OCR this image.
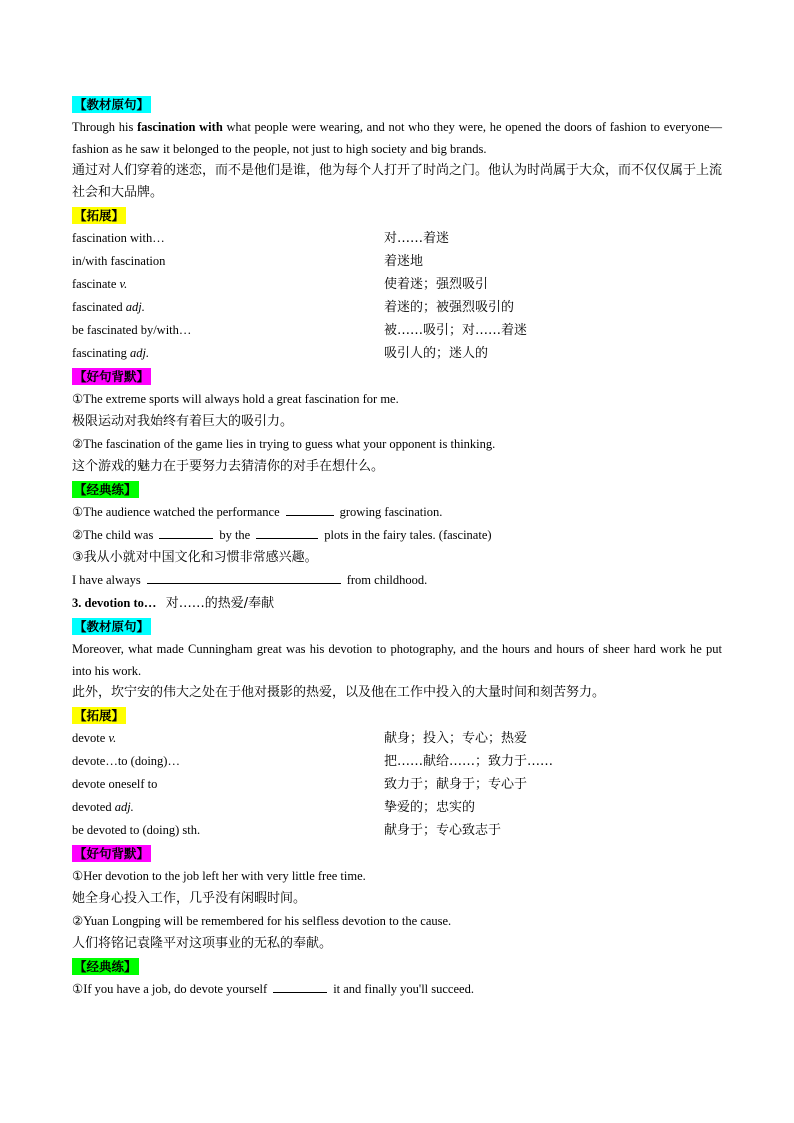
【教材原句】
Through his fascination with what people were wearing, and not who they were, he opened the doors of fashion to everyone—fashion as he saw it belonged to the people, not just to high society and big brands.
通过对人们穿着的迷恋，而不是他们是谁，他为每个人打开了时尚之门。他认为时尚属于大众，而不仅仅属于上流社会和大品牌。
【拓展】
fascination with…	对……着迷
in/with fascination	着迷地
fascinate v.	使着迷；强烈吸引
fascinated adj.	着迷的；被强烈吸引的
be fascinated by/with…	被……吸引；对……着迷
fascinating adj.	吸引人的；迷人的
【好句背默】
①The extreme sports will always hold a great fascination for me.
极限运动对我始终有着巨大的吸引力。
②The fascination of the game lies in trying to guess what your opponent is thinking.
这个游戏的魅力在于要努力去猜清你的对手在想什么。
【经典练】
①The audience watched the performance	growing fascination.
②The child was	by the	plots in the fairy tales. (fascinate)
③我从小就对中国文化和习惯非常感兴趣。
I have always	from childhood.
3. devotion to… 对……的热爱/奉献
【教材原句】
Moreover, what made Cunningham great was his devotion to photography, and the hours and hours of sheer hard work he put into his work.
此外，坎宁安的伟大之处在于他对摄影的热爱，以及他在工作中投入的大量时间和刻苦努力。
【拓展】
devote v.	献身；投入；专心；热爱
devote…to (doing)…	把……献给……；致力于……
devote oneself to	致力于；献身于；专心于
devoted adj.	挚爱的；忠实的
be devoted to (doing) sth.	献身于；专心致志于
【好句背默】
①Her devotion to the job left her with very little free time.
她全身心投入工作，几乎没有闲暇时间。
②Yuan Longping will be remembered for his selfless devotion to the cause.
人们将铭记袁隆平对这项事业的无私的奉献。
【经典练】
①If you have a job, do devote yourself	it and finally you'll succeed.
